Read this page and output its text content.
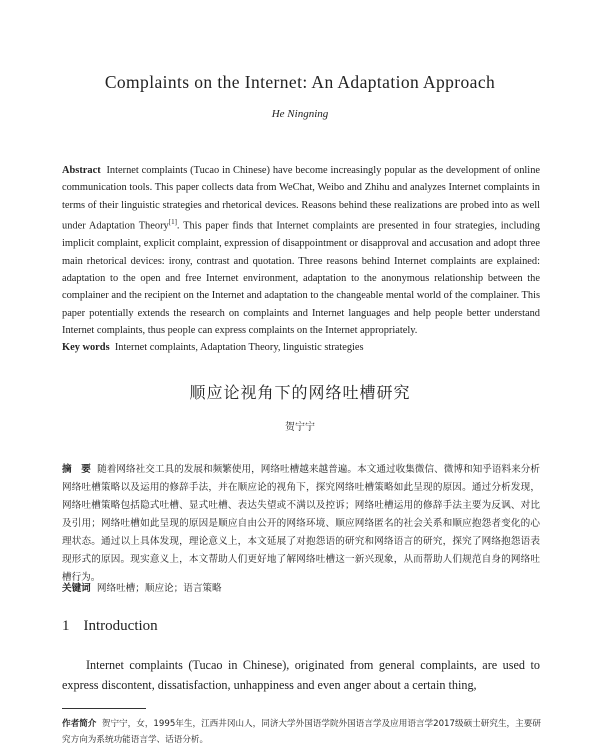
Complaints on the Internet: An Adaptation Approach
He Ningning
Abstract Internet complaints (Tucao in Chinese) have become increasingly popular as the development of online communication tools. This paper collects data from WeChat, Weibo and Zhihu and analyzes Internet complaints in terms of their linguistic strategies and rhetorical devices. Reasons behind these realizations are probed into as well under Adaptation Theory[1]. This paper finds that Internet complaints are presented in four strategies, including implicit complaint, explicit complaint, expression of disappointment or disapproval and accusation and adopt three main rhetorical devices: irony, contrast and quotation. Three reasons behind Internet complaints are explained: adaptation to the open and free Internet environment, adaptation to the anonymous relationship between the complainer and the recipient on the Internet and adaptation to the changeable mental world of the complainer. This paper potentially extends the research on complaints and Internet languages and help people better understand Internet complaints, thus people can express complaints on the Internet appropriately.
Key words Internet complaints, Adaptation Theory, linguistic strategies
顺应论视角下的网络吐槽研究
贺宁宁
摘　要 随着网络社交工具的发展和频繁使用，网络吐槽越来越普遍。本文通过收集微信、微博和知乎语料来分析网络吐槽策略以及运用的修辞手法，并在顺应论的视角下，探究网络吐槽策略如此呈现的原因。通过分析发现，网络吐槽策略包括隐式吐槽、显式吐槽、表达失望或不满以及控诉；网络吐槽运用的修辞手法主要为反讽、对比及引用；网络吐槽如此呈现的原因是顺应自由公开的网络环境、顺应网络匿名的社会关系和顺应抱怨者变化的心理状态。通过以上具体发现，理论意义上，本文延展了对抱怨语的研究和网络语言的研究，探究了网络抱怨语表现形式的原因。现实意义上，本文帮助人们更好地了解网络吐槽这一新兴现象，从而帮助人们规范自身的网络吐槽行为。
关键词 网络吐槽；顺应论；语言策略
1 Introduction
Internet complaints (Tucao in Chinese), originated from general complaints, are used to express discontent, dissatisfaction, unhappiness and even anger about a certain thing,
作者简介 贺宁宁，女，1995年生，江西井冈山人，同济大学外国语学院外国语言学及应用语言学2017级硕士研究生，主要研究方向为系统功能语言学、话语分析。
